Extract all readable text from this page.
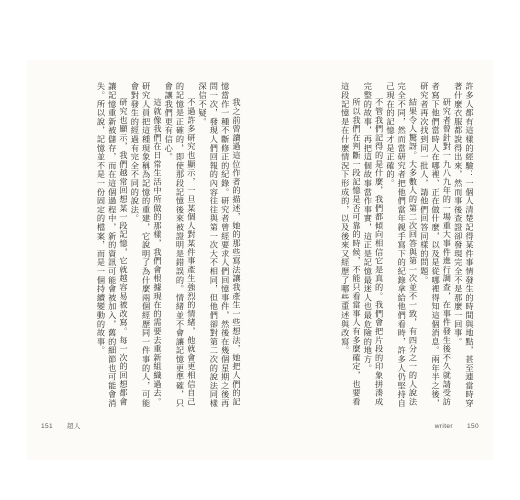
我之前曾讀過這位作者的描述，她的那些寫法讓我產生一些想法，她把人們的記憶當作一種不斷修正的紀錄。研究者曾經要求人們回憶事件，然後在幾個星期之後再問一次，發現人們回報的內容往往與第一次大不相同，但他們卻對第二次的說法同樣深信不疑。

不過許多研究也顯示，一旦某個人對某件事產生強烈的情緒，他就會更相信自己的記憶是正確的，即使那段記憶後來被證明是錯誤的。情緒並不會讓記憶更準確，只會讓我們更有信心。

這就像我們在日常生活中所做的那樣，我們會根據現在的需要去重新組織過去。研究人員把這種現象稱為記憶的重建，它說明了為什麼兩個經歷同一件事的人，可能會對發生的經過有完全不同的說法。

研究也顯示，我們越常回想某一段記憶，它就越容易被改寫。每一次的回想都會讓記憶重新被儲存，而在這個過程中，新的資訊可能會被加入，舊的細節也可能會消失。所以說，記憶並不是一份固定的檔案，而是一個持續變動的故事。

151 超人

許多人都有這樣的經驗：一個人清楚記得某件事情發生的時間與地點，甚至連當時穿著什麼衣服都說得出來，然而事後查證卻發現完全不是那麼一回事。

研究者曾針對一九八九年的一場重大事件進行調查，在事件發生後不久就請受訪者寫下他們當時人在哪裡、正在做什麼，以及是從哪裡得知這個消息。兩年半之後，研究者再次找到同一批人，請他們回答同樣的問題。

結果令人驚訝。大多數人的第二次回答與第一次並不一致，有四分之一的人說法完全不同，然而當研究者把他們當年親手寫下的紀錄拿給他們看時，許多人仍堅持自己現在的記憶才是正確的。

不管我們記得的是什麼，我們都傾向相信它是真的。我們會把片段的印象拼湊成完整的故事，再把這個故事當作事實，這正是記憶最迷人也最危險的地方。

所以我們在判斷一段記憶是否可靠的時候，不能只看當事人有多麼確定，也要看這段記憶是在什麼情況下形成的，以及後來又經歷了哪些重述與改寫。

writer 150
